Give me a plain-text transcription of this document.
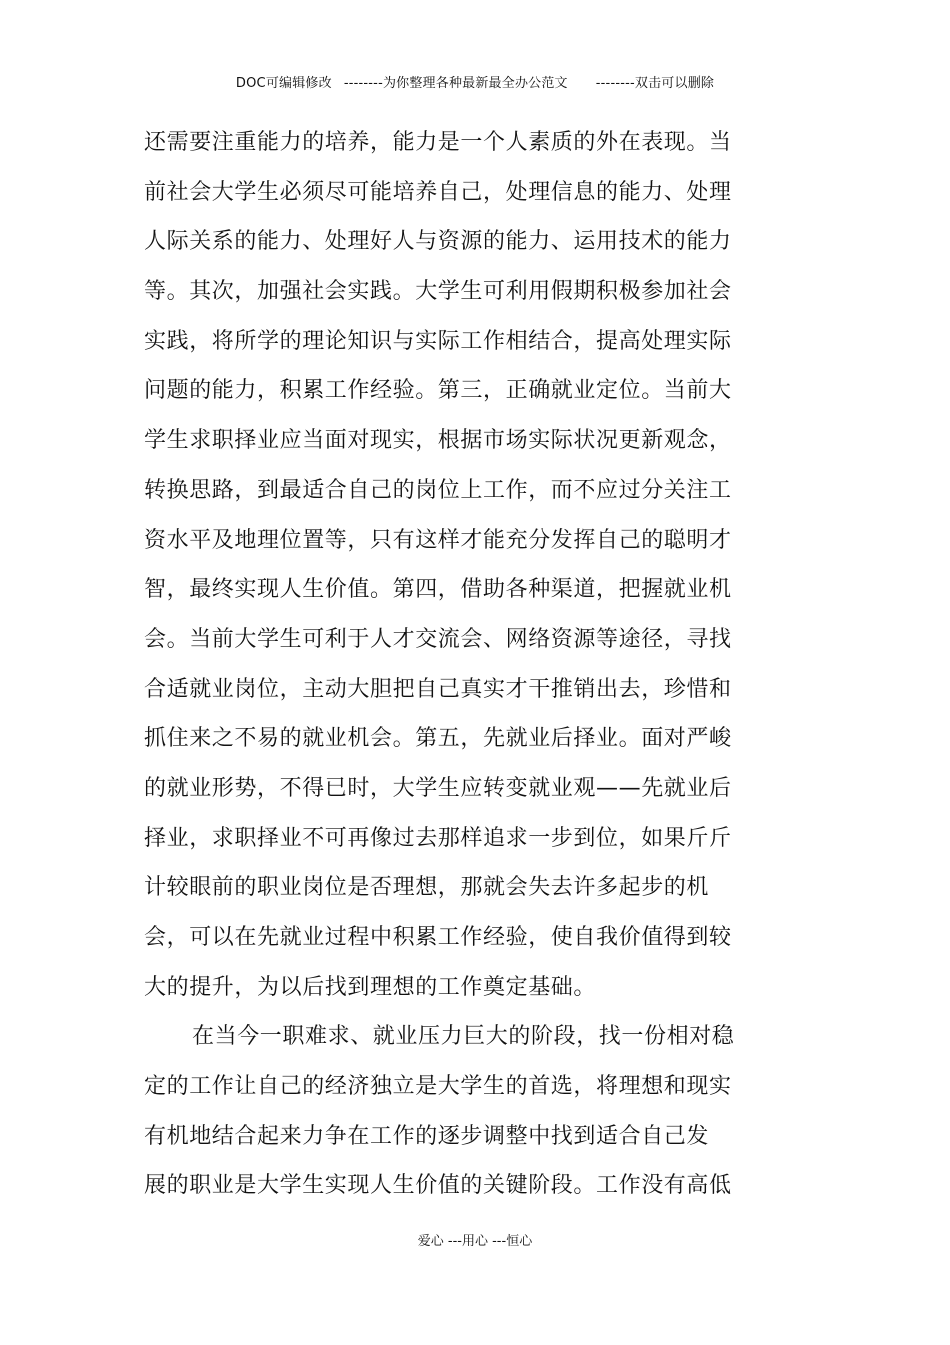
DOC可编辑修改 --------为你整理各种最新最全办公范文 --------双击可以删除
还需要注重能力的培养，能力是一个人素质的外在表现。当
前社会大学生必须尽可能培养自己，处理信息的能力、处理
人际关系的能力、处理好人与资源的能力、运用技术的能力
等。其次，加强社会实践。大学生可利用假期积极参加社会
实践，将所学的理论知识与实际工作相结合，提高处理实际
问题的能力，积累工作经验。第三，正确就业定位。当前大
学生求职择业应当面对现实，根据市场实际状况更新观念，
转换思路，到最适合自己的岗位上工作，而不应过分关注工
资水平及地理位置等，只有这样才能充分发挥自己的聪明才
智，最终实现人生价值。第四，借助各种渠道，把握就业机
会。当前大学生可利于人才交流会、网络资源等途径，寻找
合适就业岗位，主动大胆把自己真实才干推销出去，珍惜和
抓住来之不易的就业机会。第五，先就业后择业。面对严峻
的就业形势，不得已时，大学生应转变就业观——先就业后
择业，求职择业不可再像过去那样追求一步到位，如果斤斤
计较眼前的职业岗位是否理想，那就会失去许多起步的机
会，可以在先就业过程中积累工作经验，使自我价值得到较
大的提升，为以后找到理想的工作奠定基础。
在当今一职难求、就业压力巨大的阶段，找一份相对稳
定的工作让自己的经济独立是大学生的首选，将理想和现实
有机地结合起来力争在工作的逐步调整中找到适合自己发
展的职业是大学生实现人生价值的关键阶段。工作没有高低
爱心 ---用心 ---恒心
